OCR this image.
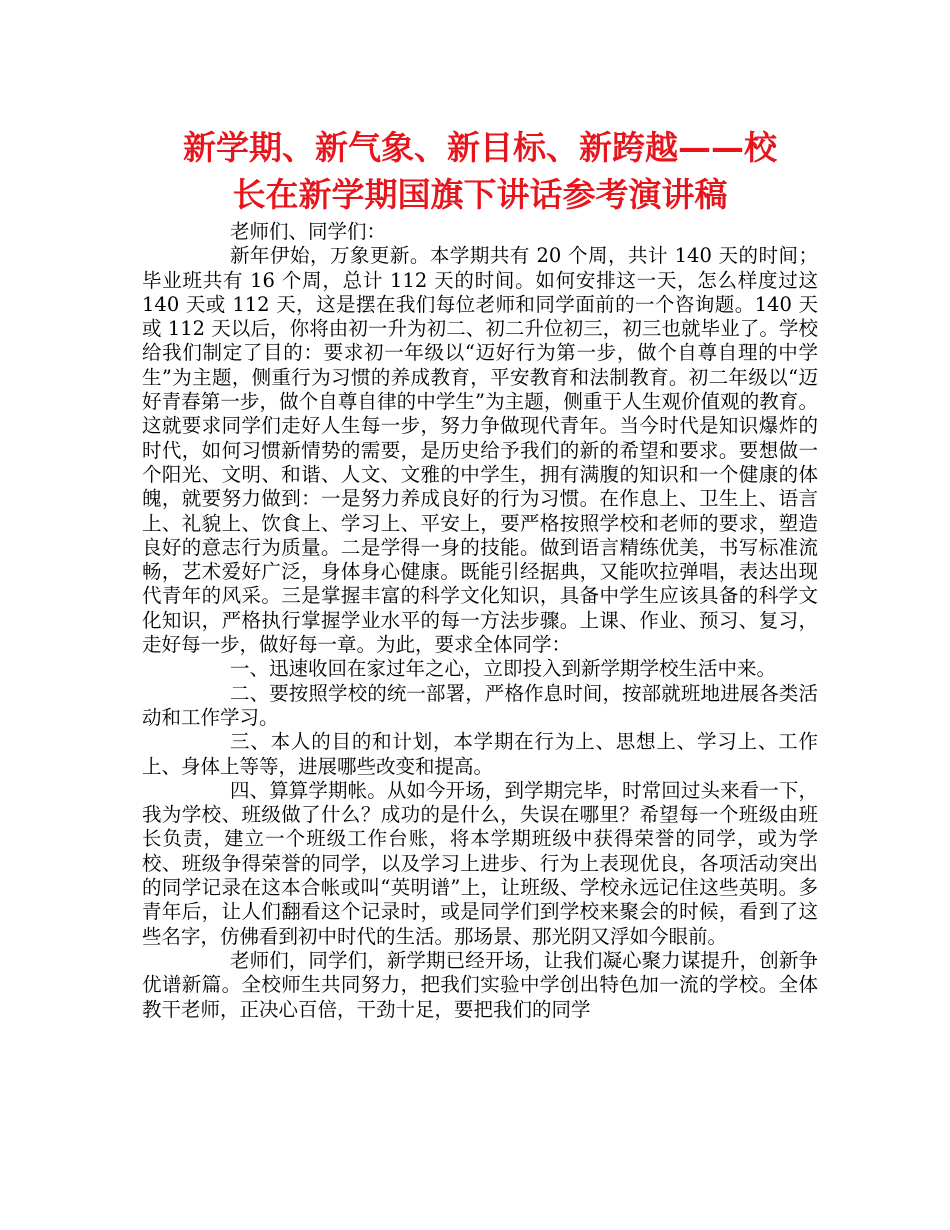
新学期、新气象、新目标、新跨越——校
长在新学期国旗下讲话参考演讲稿

老师们、同学们：

新年伊始，万象更新。本学期共有 20 个周，共计 140 天的时间；毕业班共有 16 个周，总计 112 天的时间。如何安排这一天，怎么样度过这 140 天或 112 天，这是摆在我们每位老师和同学面前的一个咨询题。140 天或 112 天以后，你将由初一升为初二、初二升位初三，初三也就毕业了。学校给我们制定了目的：要求初一年级以“迈好行为第一步，做个自尊自理的中学生”为主题，侧重行为习惯的养成教育，平安教育和法制教育。初二年级以“迈好青春第一步，做个自尊自律的中学生”为主题，侧重于人生观价值观的教育。这就要求同学们走好人生每一步，努力争做现代青年。当今时代是知识爆炸的时代，如何习惯新情势的需要，是历史给予我们的新的希望和要求。要想做一个阳光、文明、和谐、人文、文雅的中学生，拥有满腹的知识和一个健康的体魄，就要努力做到：一是努力养成良好的行为习惯。在作息上、卫生上、语言上、礼貌上、饮食上、学习上、平安上，要严格按照学校和老师的要求，塑造良好的意志行为质量。二是学得一身的技能。做到语言精练优美，书写标准流畅，艺术爱好广泛，身体身心健康。既能引经据典，又能吹拉弹唱，表达出现代青年的风采。三是掌握丰富的科学文化知识，具备中学生应该具备的科学文化知识，严格执行掌握学业水平的每一方法步骤。上课、作业、预习、复习，走好每一步，做好每一章。为此，要求全体同学：

一、迅速收回在家过年之心，立即投入到新学期学校生活中来。

二、要按照学校的统一部署，严格作息时间，按部就班地进展各类活动和工作学习。

三、本人的目的和计划，本学期在行为上、思想上、学习上、工作上、身体上等等，进展哪些改变和提高。

四、算算学期帐。从如今开场，到学期完毕，时常回过头来看一下，我为学校、班级做了什么？成功的是什么，失误在哪里？希望每一个班级由班长负责，建立一个班级工作台账，将本学期班级中获得荣誉的同学，或为学校、班级争得荣誉的同学，以及学习上进步、行为上表现优良，各项活动突出的同学记录在这本合帐或叫“英明谱”上，让班级、学校永远记住这些英明。多青年后，让人们翻看这个记录时，或是同学们到学校来聚会的时候，看到了这些名字，仿佛看到初中时代的生活。那场景、那光阴又浮如今眼前。

老师们，同学们，新学期已经开场，让我们凝心聚力谋提升，创新争优谱新篇。全校师生共同努力，把我们实验中学创出特色加一流的学校。全体教干老师，正决心百倍，干劲十足，要把我们的同学
